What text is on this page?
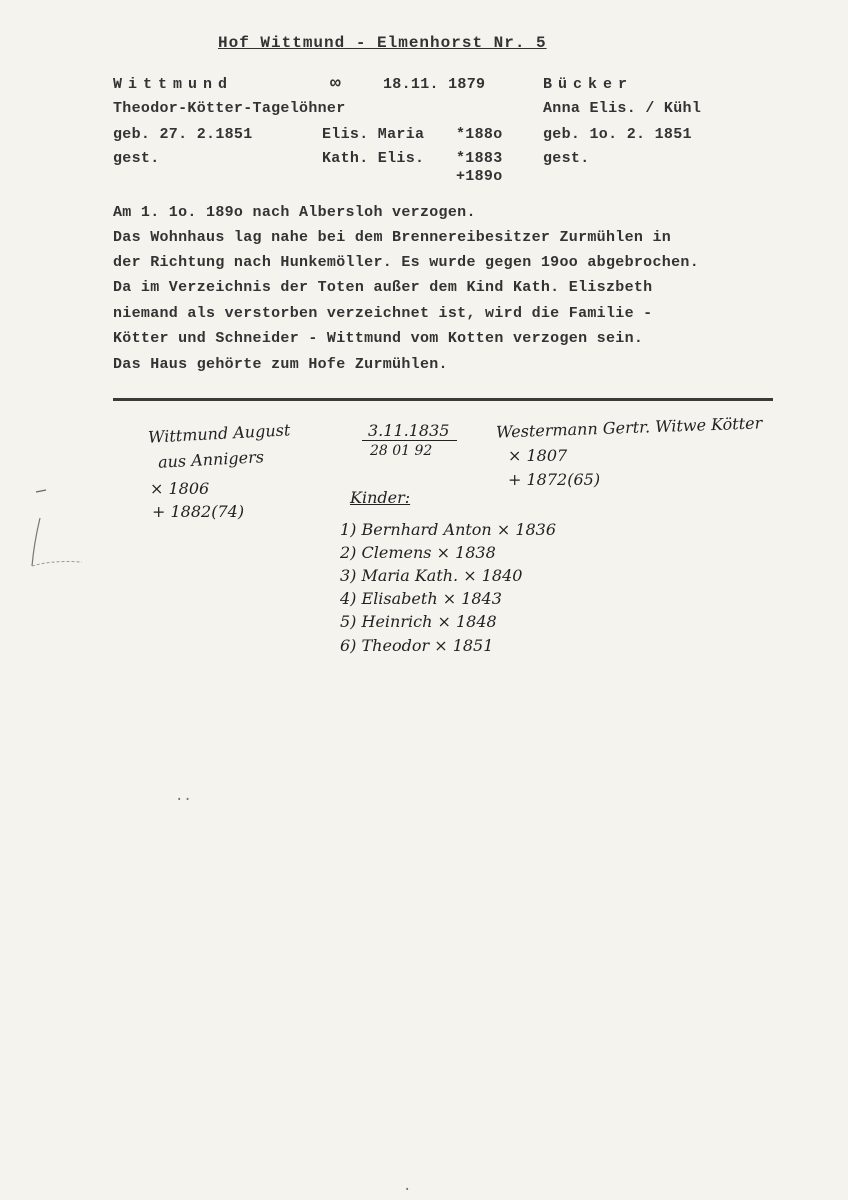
Hof Wittmund - Elmenhorst Nr. 5
Wittmund
Theodor-Kötter-Tagelöhner
geb. 27. 2.1851
gest.
∞	18.11. 1879
Elis. Maria *188o
Kath. Elis. *1883
+189o
Bücker
Anna Elis. / Kühl
geb. 1o. 2. 1851
gest.
Am 1. 1o. 189o nach Albersloh verzogen.
Das Wohnhaus lag nahe bei dem Brennereibesitzer Zurmühlen in
der Richtung nach Hunkemöller. Es wurde gegen 19oo abgebrochen.
Da im Verzeichnis der Toten außer dem Kind Kath. Eliszbeth
niemand als verstorben verzeichnet ist, wird die Familie -
Kötter und Schneider - Wittmund vom Kotten verzogen sein.
Das Haus gehörte zum Hofe Zurmühlen.
Wittmund August
aus Annigers
× 1806
+ 1882(74)
3.11.1835
28 01 92
Westermann Gertr. Witwe Kötter
× 1807
+ 1872(65)
Kinder:
1) Bernhard Anton × 1836
2) Clemens × 1838
3) Maria Kath. × 1840
4) Elisabeth × 1843
5) Heinrich × 1848
6) Theodor × 1851
··
·
